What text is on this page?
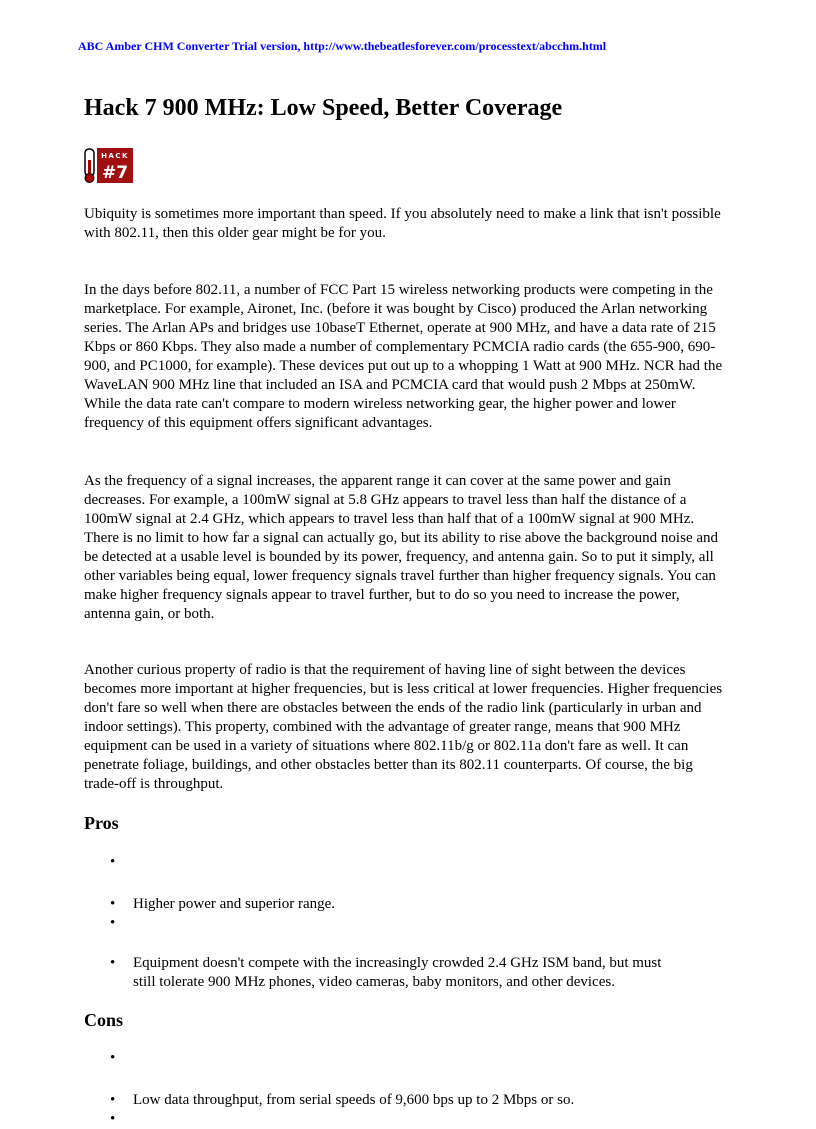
ABC Amber CHM Converter Trial version, http://www.thebeatlesforever.com/processtext/abcchm.html
Hack 7 900 MHz: Low Speed, Better Coverage
HACK
#7

Ubiquity is sometimes more important than speed. If you absolutely need to make a link that isn't possible with 802.11, then this older gear might be for you.

In the days before 802.11, a number of FCC Part 15 wireless networking products were competing in the marketplace. For example, Aironet, Inc. (before it was bought by Cisco) produced the Arlan networking series. The Arlan APs and bridges use 10baseT Ethernet, operate at 900 MHz, and have a data rate of 215 Kbps or 860 Kbps. They also made a number of complementary PCMCIA radio cards (the 655-900, 690-900, and PC1000, for example). These devices put out up to a whopping 1 Watt at 900 MHz. NCR had the WaveLAN 900 MHz line that included an ISA and PCMCIA card that would push 2 Mbps at 250mW. While the data rate can't compare to modern wireless networking gear, the higher power and lower frequency of this equipment offers significant advantages.

As the frequency of a signal increases, the apparent range it can cover at the same power and gain decreases. For example, a 100mW signal at 5.8 GHz appears to travel less than half the distance of a 100mW signal at 2.4 GHz, which appears to travel less than half that of a 100mW signal at 900 MHz. There is no limit to how far a signal can actually go, but its ability to rise above the background noise and be detected at a usable level is bounded by its power, frequency, and antenna gain. So to put it simply, all other variables being equal, lower frequency signals travel further than higher frequency signals. You can make higher frequency signals appear to travel further, but to do so you need to increase the power, antenna gain, or both.

Another curious property of radio is that the requirement of having line of sight between the devices becomes more important at higher frequencies, but is less critical at lower frequencies. Higher frequencies don't fare so well when there are obstacles between the ends of the radio link (particularly in urban and indoor settings). This property, combined with the advantage of greater range, means that 900 MHz equipment can be used in a variety of situations where 802.11b/g or 802.11a don't fare as well. It can penetrate foliage, buildings, and other obstacles better than its 802.11 counterparts. Of course, the big trade-off is throughput.

Pros
•
• Higher power and superior range.
•
• Equipment doesn't compete with the increasingly crowded 2.4 GHz ISM band, but must still tolerate 900 MHz phones, video cameras, baby monitors, and other devices.
Cons
•
• Low data throughput, from serial speeds of 9,600 bps up to 2 Mbps or so.
•
